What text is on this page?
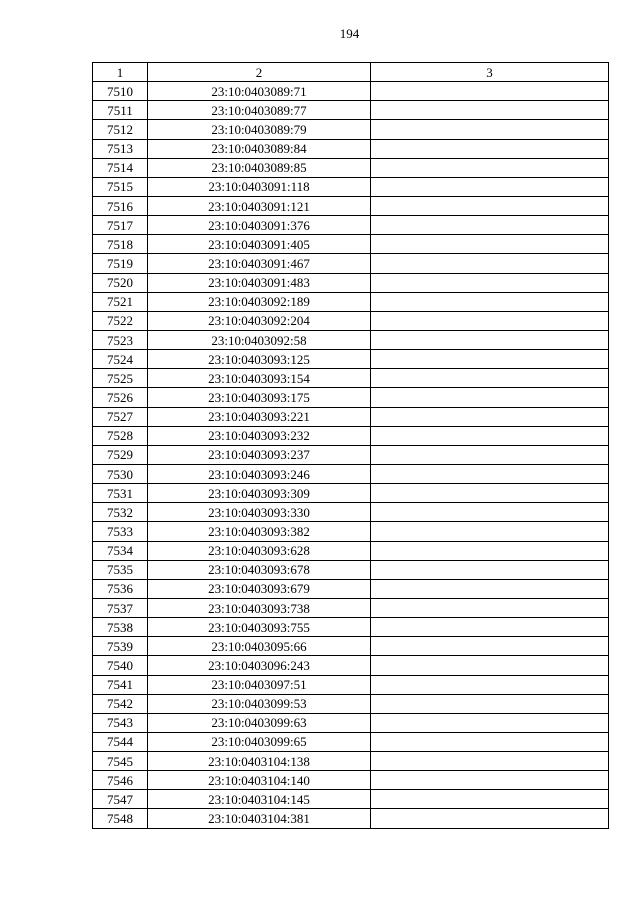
194
1	2	3
7510	23:10:0403089:71	
7511	23:10:0403089:77	
7512	23:10:0403089:79	
7513	23:10:0403089:84	
7514	23:10:0403089:85	
7515	23:10:0403091:118	
7516	23:10:0403091:121	
7517	23:10:0403091:376	
7518	23:10:0403091:405	
7519	23:10:0403091:467	
7520	23:10:0403091:483	
7521	23:10:0403092:189	
7522	23:10:0403092:204	
7523	23:10:0403092:58	
7524	23:10:0403093:125	
7525	23:10:0403093:154	
7526	23:10:0403093:175	
7527	23:10:0403093:221	
7528	23:10:0403093:232	
7529	23:10:0403093:237	
7530	23:10:0403093:246	
7531	23:10:0403093:309	
7532	23:10:0403093:330	
7533	23:10:0403093:382	
7534	23:10:0403093:628	
7535	23:10:0403093:678	
7536	23:10:0403093:679	
7537	23:10:0403093:738	
7538	23:10:0403093:755	
7539	23:10:0403095:66	
7540	23:10:0403096:243	
7541	23:10:0403097:51	
7542	23:10:0403099:53	
7543	23:10:0403099:63	
7544	23:10:0403099:65	
7545	23:10:0403104:138	
7546	23:10:0403104:140	
7547	23:10:0403104:145	
7548	23:10:0403104:381	
